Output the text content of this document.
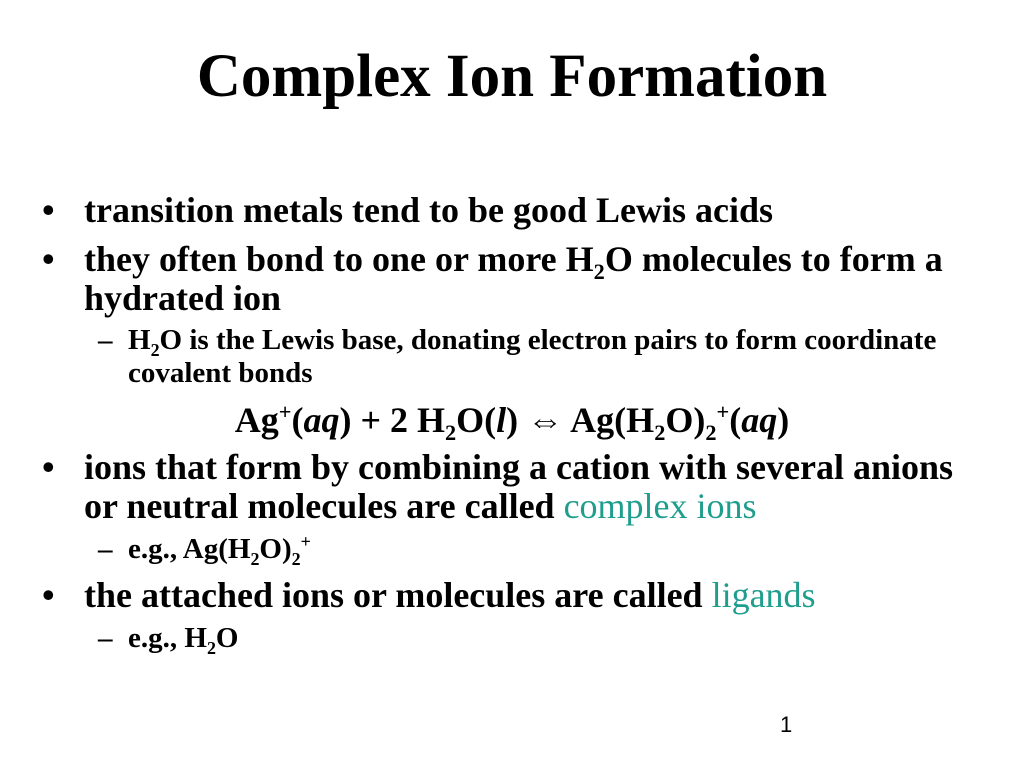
Complex Ion Formation
• transition metals tend to be good Lewis acids
• they often bond to one or more $H_2O$ molecules to form a hydrated ion
– $H_2O$ is the Lewis base, donating electron pairs to form coordinate covalent bonds
Ag+(aq) + 2 $H_2O(l)$ ⇔ $Ag(H_2O)_2^+(aq)$
• ions that form by combining a cation with several anions or neutral molecules are called complex ions
– e.g., $Ag(H_2O)_2^+$
• the attached ions or molecules are called ligands
– e.g., $H_2O$
1
